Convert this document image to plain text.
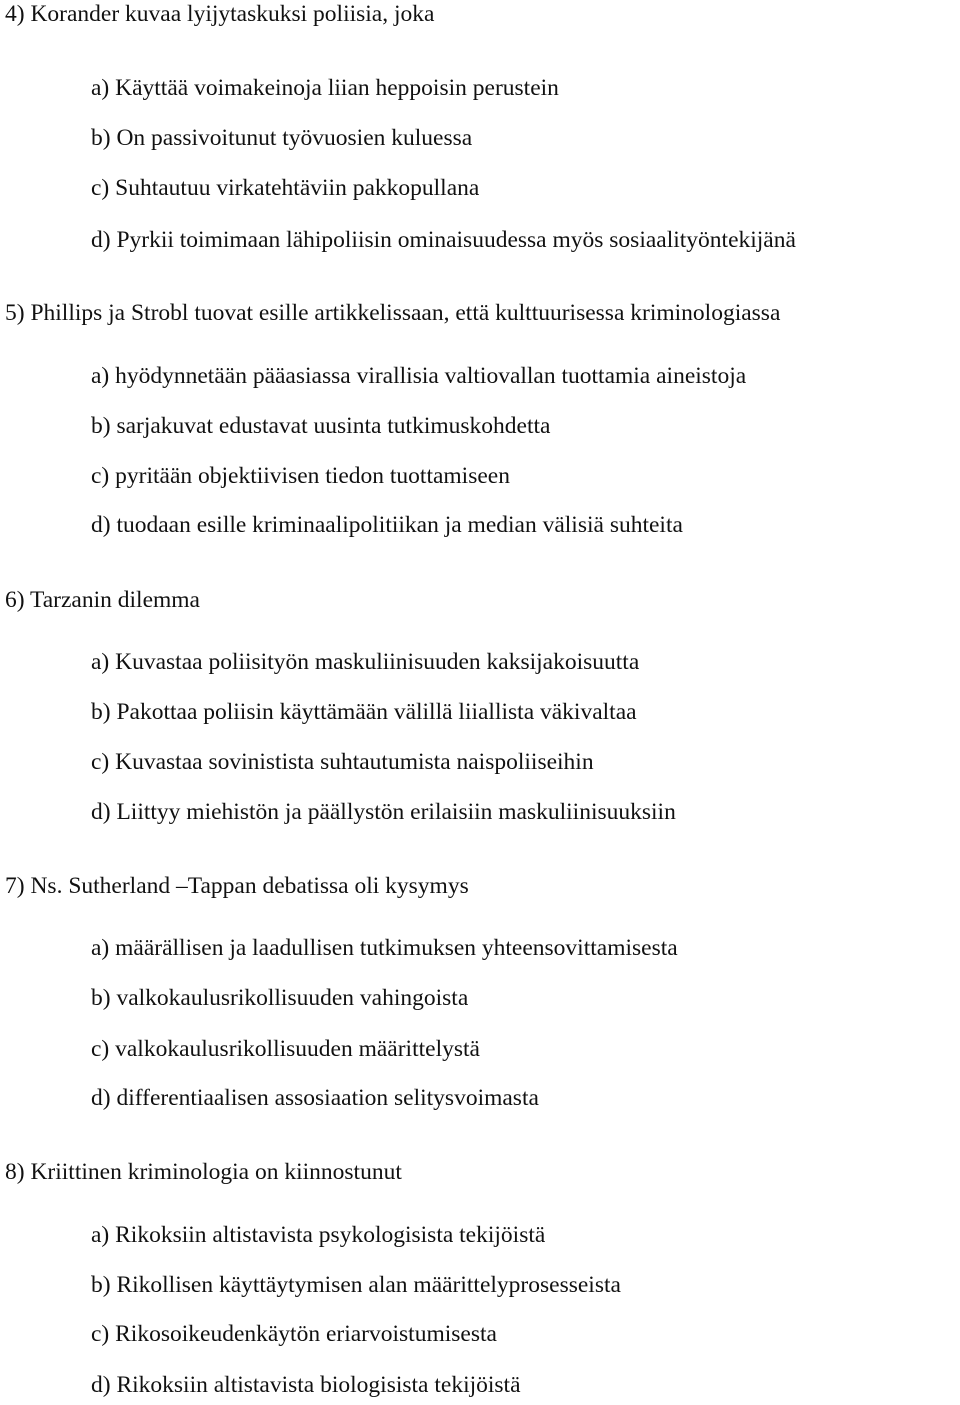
4) Korander kuvaa lyijytaskuksi poliisia, joka
a) Käyttää voimakeinoja liian heppoisin perustein
b) On passivoitunut työvuosien kuluessa
c) Suhtautuu virkatehtäviin pakkopullana
d) Pyrkii toimimaan lähipoliisin ominaisuudessa myös sosiaalityöntekijänä
5) Phillips ja Strobl tuovat esille artikkelissaan, että kulttuurisessa kriminologiassa
a) hyödynnetään pääasiassa virallisia valtiovallan tuottamia aineistoja
b) sarjakuvat edustavat uusinta tutkimuskohdetta
c) pyritään objektiivisen tiedon tuottamiseen
d) tuodaan esille kriminaalipolitiikan ja median välisiä suhteita
6) Tarzanin dilemma
a) Kuvastaa poliisityön maskuliinisuuden kaksijakoisuutta
b) Pakottaa poliisin käyttämään välillä liiallista väkivaltaa
c) Kuvastaa sovinistista suhtautumista naispoliiseihin
d) Liittyy miehistön ja päällystön erilaisiin maskuliinisuuksiin
7) Ns. Sutherland –Tappan debatissa oli kysymys
a) määrällisen ja laadullisen tutkimuksen yhteensovittamisesta
b) valkokaulusrikollisuuden vahingoista
c) valkokaulusrikollisuuden määrittelystä
d) differentiaalisen assosiaation selitysvoimasta
8) Kriittinen kriminologia on kiinnostunut
a) Rikoksiin altistavista psykologisista tekijöistä
b) Rikollisen käyttäytymisen alan määrittelyprosesseista
c) Rikosoikeudenkäytön eriarvoistumisesta
d) Rikoksiin altistavista biologisista tekijöistä
